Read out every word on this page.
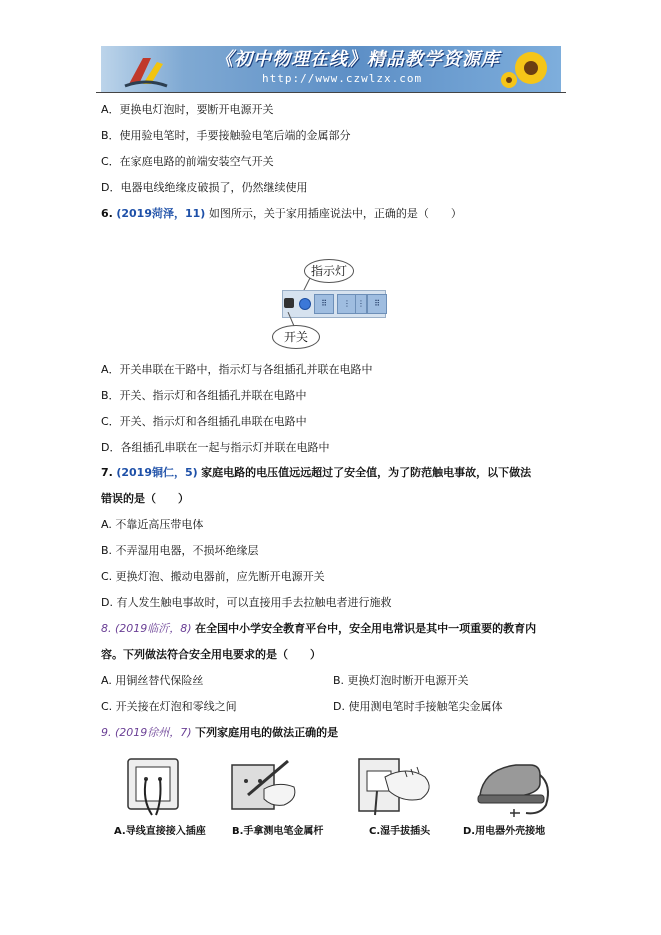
《初中物理在线》精品教学资源库
http://www.czwlzx.com
A．更换电灯泡时，要断开电源开关
B．使用验电笔时，手要接触验电笔后端的金属部分
C．在家庭电路的前端安装空气开关
D．电器电线绝缘皮破损了，仍然继续使用
6. (2019菏泽，11) 如图所示，关于家用插座说法中，正确的是（　　）
指示灯
⠿	⋮ ⋮	⠿
开关
A．开关串联在干路中，指示灯与各组插孔并联在电路中
B．开关、指示灯和各组插孔并联在电路中
C．开关、指示灯和各组插孔串联在电路中
D．各组插孔串联在一起与指示灯并联在电路中
7. (2019铜仁，5) 家庭电路的电压值远远超过了安全值，为了防范触电事故，以下做法
错误的是（　　）
A. 不靠近高压带电体
B. 不弄湿用电器，不损坏绝缘层
C. 更换灯泡、搬动电器前，应先断开电源开关
D. 有人发生触电事故时，可以直接用手去拉触电者进行施救
8. (2019临沂，8) 在全国中小学安全教育平台中，安全用电常识是其中一项重要的教育内
容。下列做法符合安全用电要求的是（　　）
A. 用铜丝替代保险丝	B. 更换灯泡时断开电源开关
C. 开关接在灯泡和零线之间	D. 使用测电笔时手接触笔尖金属体
9. (2019徐州，7) 下列家庭用电的做法正确的是
A.导线直接接入插座	B.手拿测电笔金属杆	C.湿手拔插头	D.用电器外壳接地
